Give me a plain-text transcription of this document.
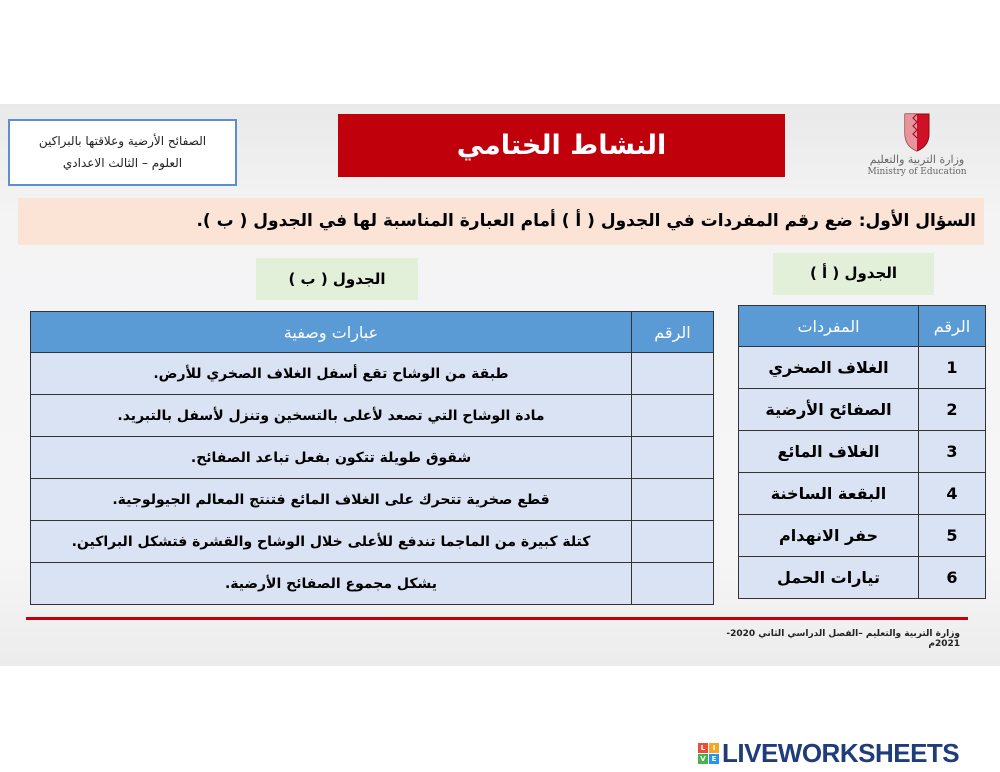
الصفائح الأرضية وعلاقتها بالبراكين
العلوم – الثالث الاعدادي
النشاط الختامي	وزارة التربية والتعليم
Ministry of Education
السؤال الأول: ضع رقم المفردات في الجدول ( أ ) أمام العبارة المناسبة لها في الجدول ( ب ).
الجدول ( ب )	الجدول ( أ )
الرقم	عبارات وصفية
	طبقة من الوشاح تقع أسفل الغلاف الصخري للأرض.
	مادة الوشاح التي تصعد لأعلى بالتسخين وتنزل لأسفل بالتبريد.
	شقوق طويلة تتكون بفعل تباعد الصفائح.
	قطع صخرية تتحرك على الغلاف المائع فتنتج المعالم الجيولوجية.
	كتلة كبيرة من الماجما تندفع للأعلى خلال الوشاح والقشرة فتشكل البراكين.
	يشكل مجموع الصفائح الأرضية.
الرقم	المفردات
1	الغلاف الصخري
2	الصفائح الأرضية
3	الغلاف المائع
4	البقعة الساخنة
5	حفر الانهدام
6	تيارات الحمل
وزارة التربية والتعليم –الفصل الدراسي الثاني 2020-2021م
L	I
V E LIVEWORKSHEETS
